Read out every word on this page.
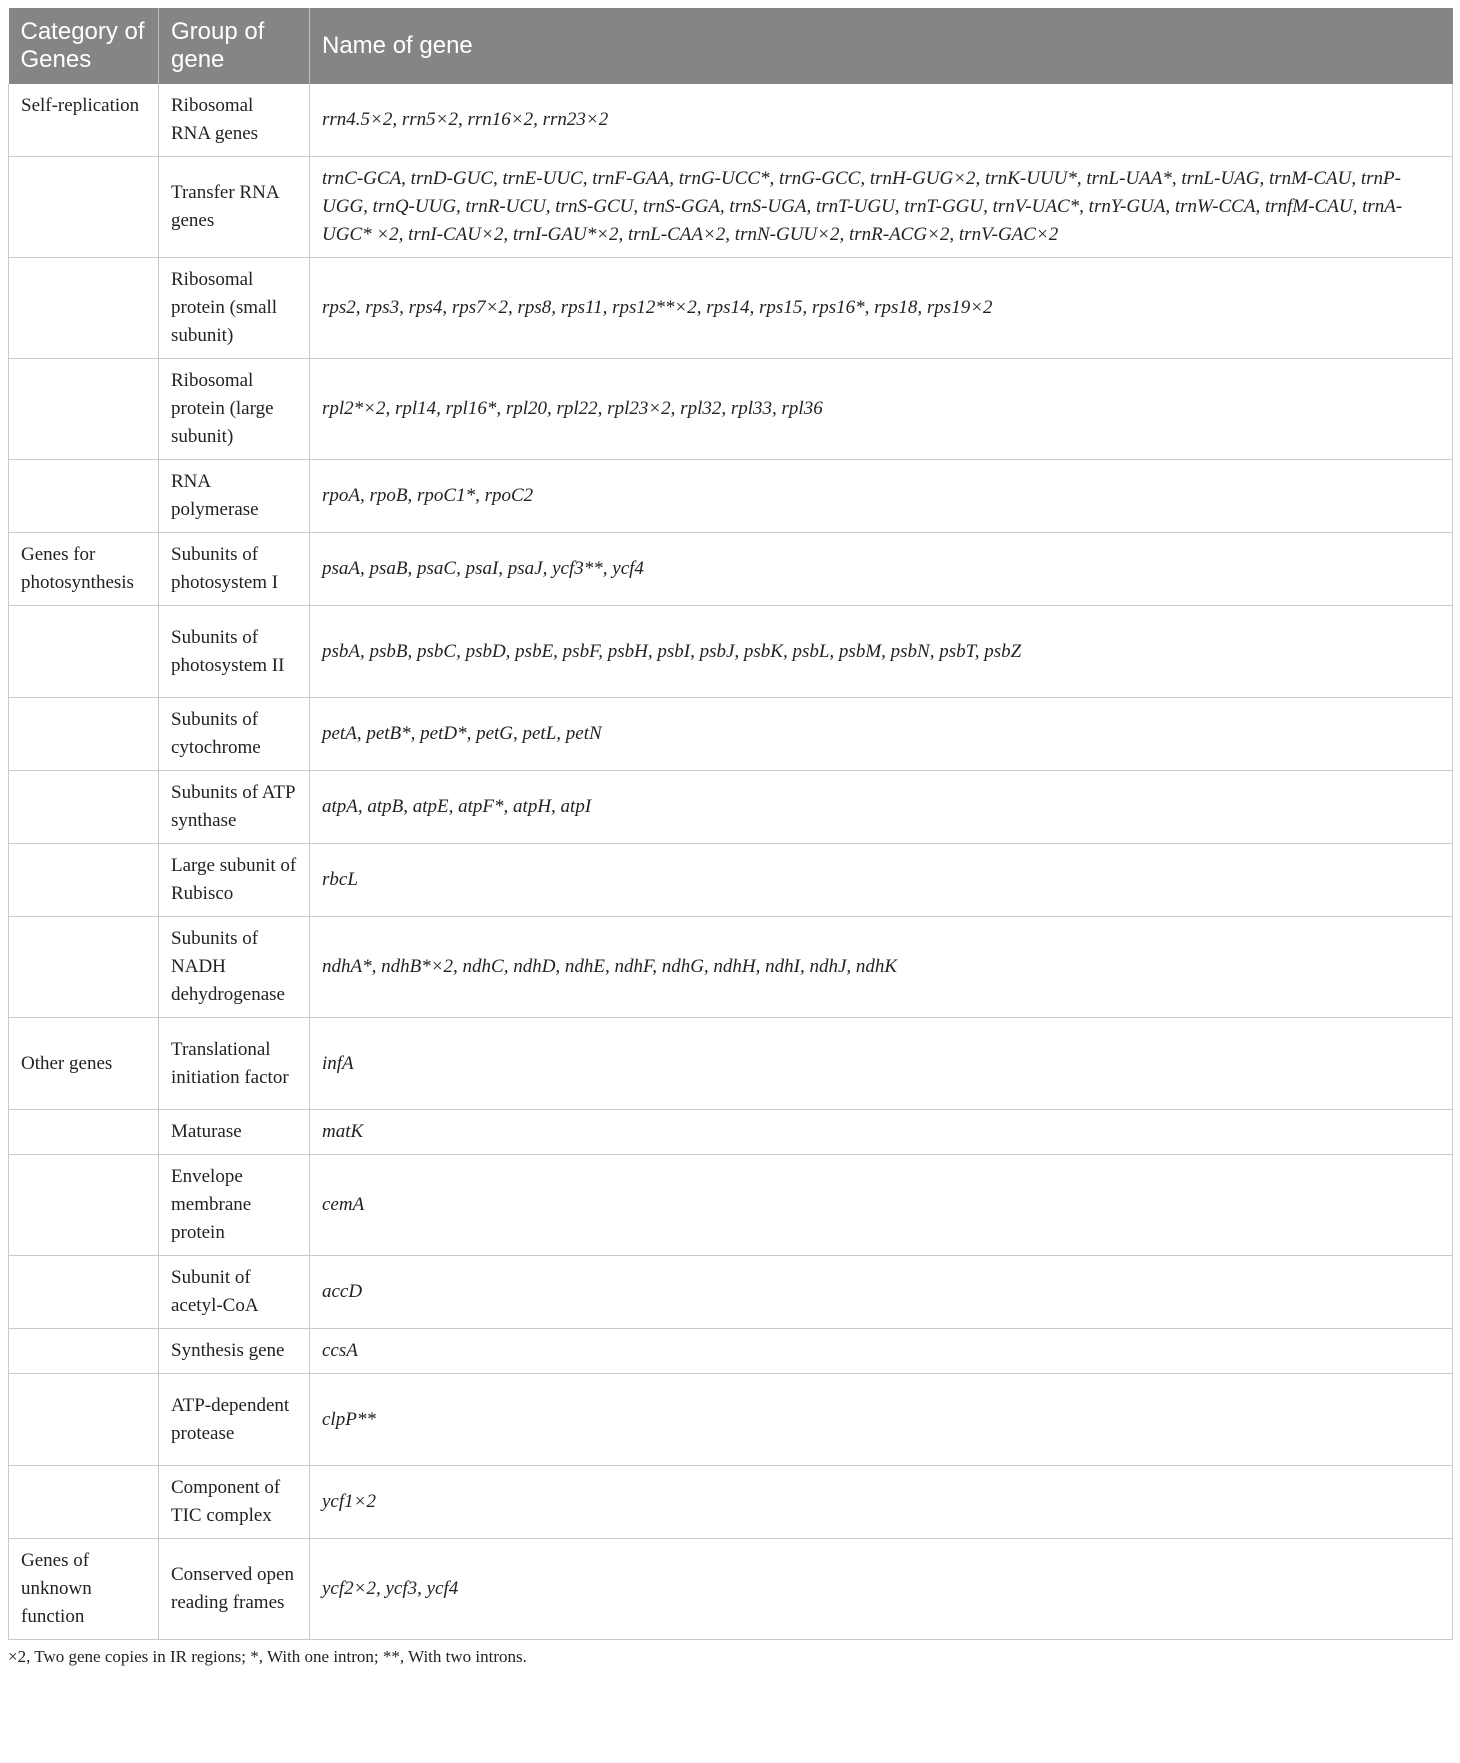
Category of Genes	Group of gene	Name of gene
Self-replication	Ribosomal RNA genes	rrn4.5×2, rrn5×2, rrn16×2, rrn23×2
	Transfer RNA genes	trnC-GCA, trnD-GUC, trnE-UUC, trnF-GAA, trnG-UCC*, trnG-GCC, trnH-GUG×2, trnK-UUU*, trnL-UAA*, trnL-UAG, trnM-CAU, trnP-UGG, trnQ-UUG, trnR-UCU, trnS-GCU, trnS-GGA, trnS-UGA, trnT-UGU, trnT-GGU, trnV-UAC*, trnY-GUA, trnW-CCA, trnfM-CAU, trnA-UGC* ×2, trnI-CAU×2, trnI-GAU*×2, trnL-CAA×2, trnN-GUU×2, trnR-ACG×2, trnV-GAC×2
	Ribosomal protein (small subunit)	rps2, rps3, rps4, rps7×2, rps8, rps11, rps12**×2, rps14, rps15, rps16*, rps18, rps19×2
	Ribosomal protein (large subunit)	rpl2*×2, rpl14, rpl16*, rpl20, rpl22, rpl23×2, rpl32, rpl33, rpl36
	RNA polymerase	rpoA, rpoB, rpoC1*, rpoC2
Genes for photosynthesis	Subunits of photosystem I	psaA, psaB, psaC, psaI, psaJ, ycf3**, ycf4
	Subunits of photosystem II	psbA, psbB, psbC, psbD, psbE, psbF, psbH, psbI, psbJ, psbK, psbL, psbM, psbN, psbT, psbZ
	Subunits of cytochrome	petA, petB*, petD*, petG, petL, petN
	Subunits of ATP synthase	atpA, atpB, atpE, atpF*, atpH, atpI
	Large subunit of Rubisco	rbcL
	Subunits of NADH dehydrogenase	ndhA*, ndhB*×2, ndhC, ndhD, ndhE, ndhF, ndhG, ndhH, ndhI, ndhJ, ndhK
Other genes	Translational initiation factor	infA
	Maturase	matK
	Envelope membrane protein	cemA
	Subunit of acetyl-CoA	accD
	Synthesis gene	ccsA
	ATP-dependent protease	clpP**
	Component of TIC complex	ycf1×2
Genes of unknown function	Conserved open reading frames	ycf2×2, ycf3, ycf4
×2, Two gene copies in IR regions; *, With one intron; **, With two introns.
